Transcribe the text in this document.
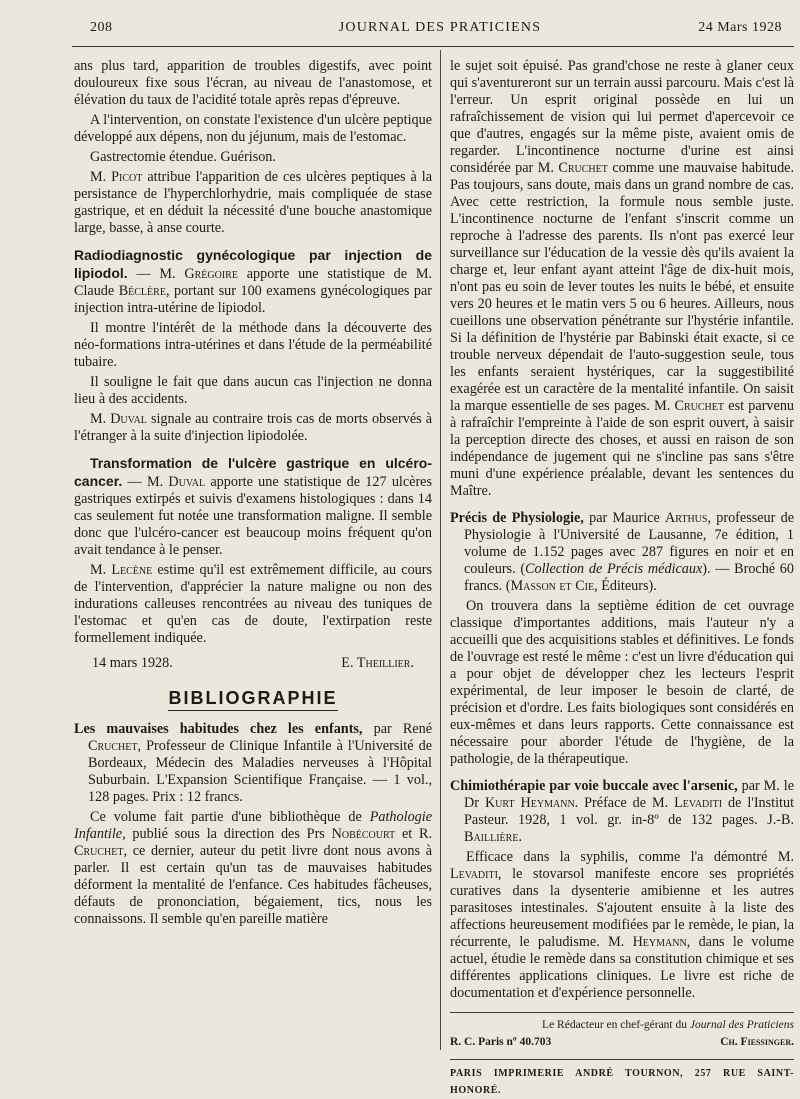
208	JOURNAL DES PRATICIENS	24 Mars 1928

ans plus tard, apparition de troubles digestifs, avec point douloureux fixe sous l'écran, au niveau de l'anastomose, et élévation du taux de l'acidité totale après repas d'épreuve.

A l'intervention, on constate l'existence d'un ulcère peptique développé aux dépens, non du jéjunum, mais de l'estomac.

Gastrectomie étendue. Guérison.

M. Picot attribue l'apparition de ces ulcères peptiques à la persistance de l'hyperchlorhydrie, mais compliquée de stase gastrique, et en déduit la nécessité d'une bouche anastomique large, basse, à anse courte.

Radiodiagnostic gynécologique par injection de lipiodol. — M. Grégoire apporte une statistique de M. Claude Béclère, portant sur 100 examens gynécologiques par injection intra-utérine de lipiodol.

Il montre l'intérêt de la méthode dans la découverte des néo-formations intra-utérines et dans l'étude de la perméabilité tubaire.

Il souligne le fait que dans aucun cas l'injection ne donna lieu à des accidents.

M. Duval signale au contraire trois cas de morts observés à l'étranger à la suite d'injection lipiodolée.

Transformation de l'ulcère gastrique en ulcéro-cancer. — M. Duval apporte une statistique de 127 ulcères gastriques extirpés et suivis d'examens histologiques : dans 14 cas seulement fut notée une transformation maligne. Il semble donc que l'ulcéro-cancer est beaucoup moins fréquent qu'on avait tendance à le penser.

M. Lecène estime qu'il est extrêmement difficile, au cours de l'intervention, d'apprécier la nature maligne ou non des indurations calleuses rencontrées au niveau des tuniques de l'estomac et qu'en cas de doute, l'extirpation reste formellement indiquée.

14 mars 1928.	E. Theillier.
BIBLIOGRAPHIE

Les mauvaises habitudes chez les enfants, par René Cruchet, Professeur de Clinique Infantile à l'Université de Bordeaux, Médecin des Maladies nerveuses à l'Hôpital Suburbain. L'Expansion Scientifique Française. — 1 vol., 128 pages. Prix : 12 francs.

Ce volume fait partie d'une bibliothèque de Pathologie Infantile, publié sous la direction des Prs Nobécourt et R. Cruchet, ce dernier, auteur du petit livre dont nous avons à parler. Il est certain qu'un tas de mauvaises habitudes déforment la mentalité de l'enfance. Ces habitudes fâcheuses, défauts de prononciation, bégaiement, tics, nous les connaissons. Il semble qu'en pareille matière

le sujet soit épuisé. Pas grand'chose ne reste à glaner ceux qui s'aventureront sur un terrain aussi parcouru. Mais c'est là l'erreur. Un esprit original possède en lui un rafraîchissement de vision qui lui permet d'apercevoir ce que d'autres, engagés sur la même piste, avaient omis de regarder. L'incontinence nocturne d'urine est ainsi considérée par M. Cruchet comme une mauvaise habitude. Pas toujours, sans doute, mais dans un grand nombre de cas. Avec cette restriction, la formule nous semble juste. L'incontinence nocturne de l'enfant s'inscrit comme un reproche à l'adresse des parents. Ils n'ont pas exercé leur surveillance sur l'éducation de la vessie dès qu'ils avaient la charge et, leur enfant ayant atteint l'âge de dix-huit mois, n'ont pas eu soin de lever toutes les nuits le bébé, et ensuite vers 20 heures et le matin vers 5 ou 6 heures. Ailleurs, nous cueillons une observation pénétrante sur l'hystérie infantile. Si la définition de l'hystérie par Babinski était exacte, si ce trouble nerveux dépendait de l'auto-suggestion seule, tous les enfants seraient hystériques, car la suggestibilité exagérée est un caractère de la mentalité infantile. On saisit la marque essentielle de ses pages. M. Cruchet est parvenu à rafraîchir l'empreinte à l'aide de son esprit ouvert, à saisir la perception directe des choses, et aussi en raison de son indépendance de jugement qui ne s'incline pas sans s'être muni d'une expérience préalable, devant les sentences du Maître.

Précis de Physiologie, par Maurice Arthus, professeur de Physiologie à l'Université de Lausanne, 7e édition, 1 volume de 1.152 pages avec 287 figures en noir et en couleurs. (Collection de Précis médicaux). — Broché 60 francs. (Masson et Cie, Éditeurs).

On trouvera dans la septième édition de cet ouvrage classique d'importantes additions, mais l'auteur n'y a accueilli que des acquisitions stables et définitives. Le fonds de l'ouvrage est resté le même : c'est un livre d'éducation qui a pour objet de développer chez les lecteurs l'esprit expérimental, de leur imposer le besoin de clarté, de précision et d'ordre. Les faits biologiques sont considérés en eux-mêmes et dans leurs rapports. Cette connaissance est nécessaire pour aborder l'étude de l'hygiène, de la pathologie, de la thérapeutique.

Chimiothérapie par voie buccale avec l'arsenic, par M. le Dr Kurt Heymann. Préface de M. Levaditi de l'Institut Pasteur. 1928, 1 vol. gr. in-8º de 132 pages. J.-B. Baillière.

Efficace dans la syphilis, comme l'a démontré M. Levaditi, le stovarsol manifeste encore ses propriétés curatives dans la dysenterie amibienne et les autres parasitoses intestinales. S'ajoutent ensuite à la liste des affections heureusement modifiées par le remède, le pian, la récurrente, le paludisme. M. Heymann, dans le volume actuel, étudie le remède dans sa constitution chimique et ses différentes applications cliniques. Le livre est riche de documentation et d'expérience personnelle.

Le Rédacteur en chef-gérant du Journal des Praticiens
R. C. Paris nº 40.703	Ch. Fiessinger.
PARIS IMPRIMERIE ANDRÉ TOURNON, 257 RUE SAINT-HONORÉ.
